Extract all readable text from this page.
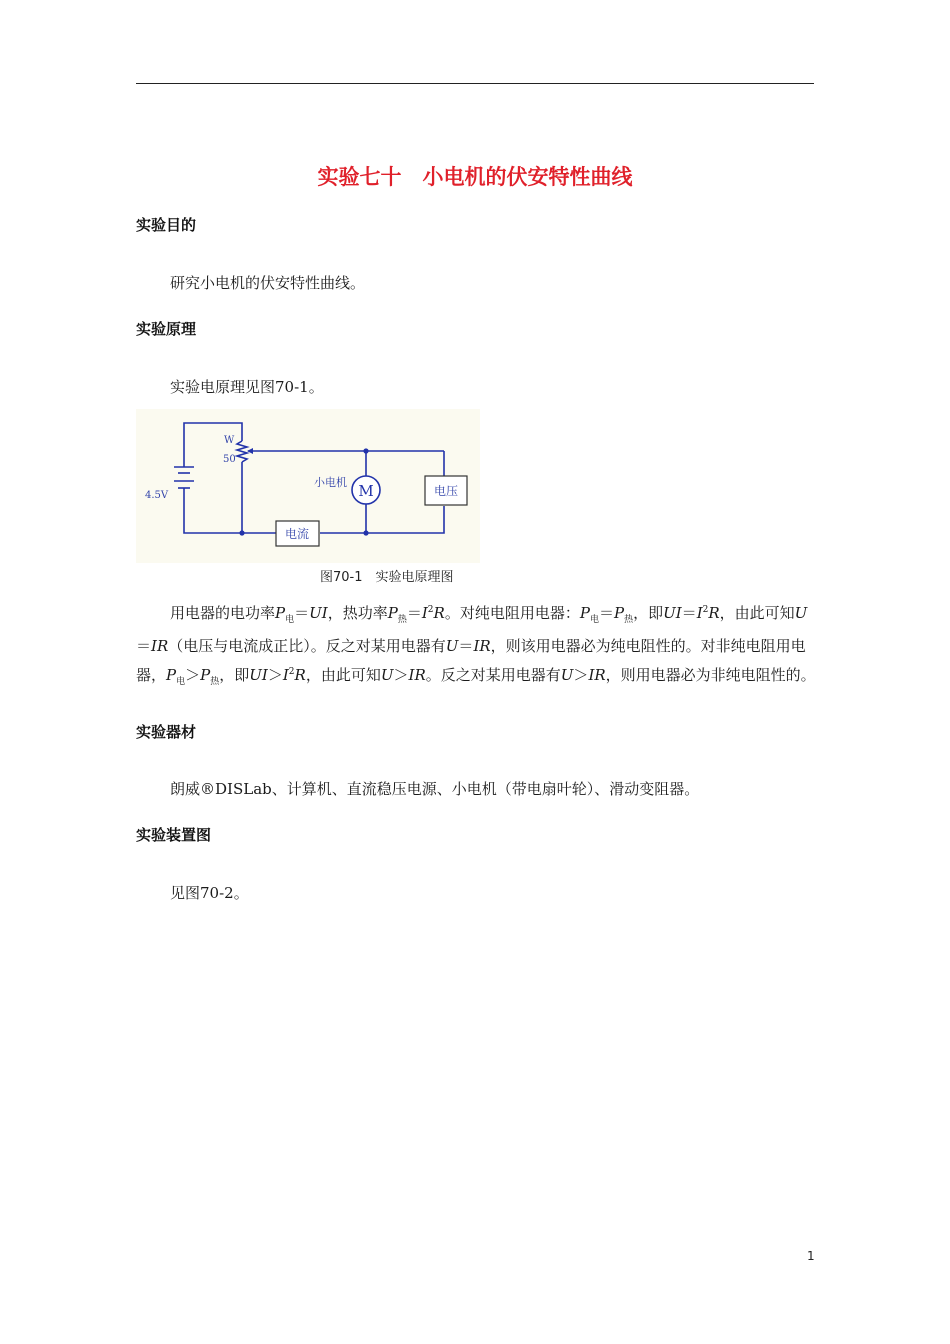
实验七十　小电机的伏安特性曲线
实验目的
研究小电机的伏安特性曲线。
实验原理
实验电原理见图70-1。
M	电压
电流
W
50
4.5V
小电机
图70-1　实验电原理图

用电器的电功率$P_电=UI$，热功率$P_热=I^2R$。对纯电阻用电器：$P_电=P_热$，即$UI=I^2R$，由此可知U＝IR（电压与电流成正比）。反之对某用电器有U＝IR，则该用电器必为纯电阻性的。对非纯电阻用电器，$P_电>P_热$，即$UI>I^2R$，由此可知U＞IR。反之对某用电器有U＞IR，则用电器必为非纯电阻性的。

实验器材
朗威®DISLab、计算机、直流稳压电源、小电机（带电扇叶轮）、滑动变阻器。
实验装置图
见图70-2。
1
